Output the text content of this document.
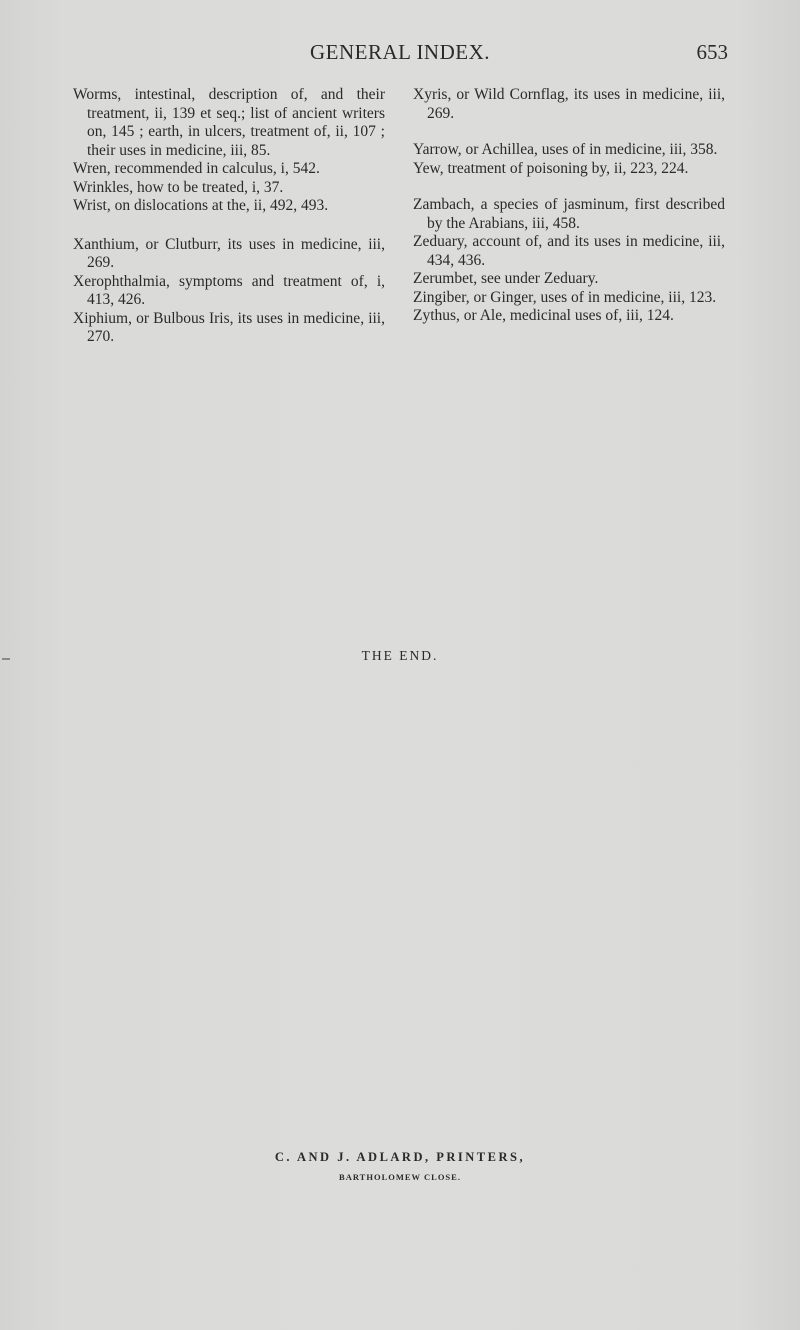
GENERAL INDEX.	653

Worms, intestinal, description of, and their treatment, ii, 139 et seq.; list of ancient writers on, 145 ; earth, in ulcers, treatment of, ii, 107 ; their uses in medicine, iii, 85.

Wren, recommended in calculus, i, 542.

Wrinkles, how to be treated, i, 37.

Wrist, on dislocations at the, ii, 492, 493.

Xanthium, or Clutburr, its uses in medicine, iii, 269.

Xerophthalmia, symptoms and treatment of, i, 413, 426.

Xiphium, or Bulbous Iris, its uses in medicine, iii, 270.

Xyris, or Wild Cornflag, its uses in medicine, iii, 269.

Yarrow, or Achillea, uses of in medicine, iii, 358.

Yew, treatment of poisoning by, ii, 223, 224.

Zambach, a species of jasminum, first described by the Arabians, iii, 458.

Zeduary, account of, and its uses in medicine, iii, 434, 436.

Zerumbet, see under Zeduary.

Zingiber, or Ginger, uses of in medicine, iii, 123.

Zythus, or Ale, medicinal uses of, iii, 124.

THE END.
C. AND J. ADLARD, PRINTERS,
BARTHOLOMEW CLOSE.
